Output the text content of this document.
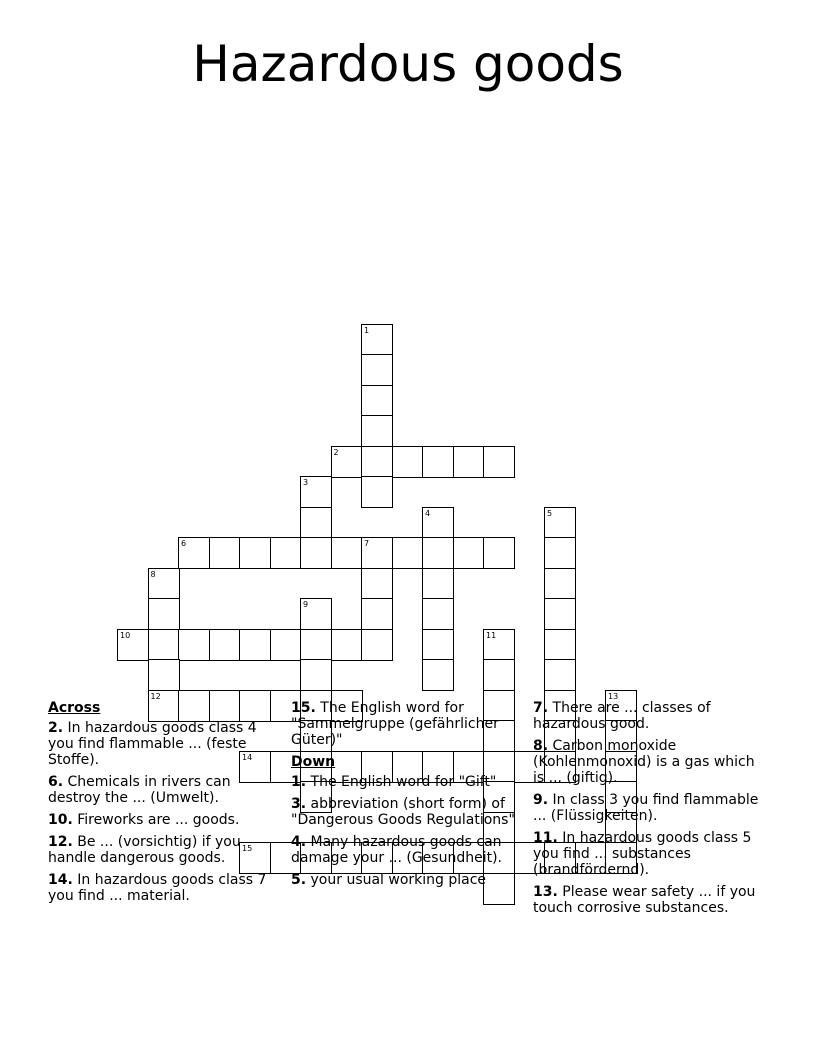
Hazardous goods
1
2
3
4	5
6	7
8
9
10	11
12	13
14
15
Across
2. In hazardous goods class 4 you find flammable ... (feste Stoffe).
6. Chemicals in rivers can destroy the ... (Umwelt).
10. Fireworks are ... goods.
12. Be ... (vorsichtig) if you handle dangerous goods.
14. In hazardous goods class 7 you find ... material.
15. The English word for "Sammelgruppe (gefährlicher Güter)"
Down
1. The English word for "Gift"
3. abbreviation (short form) of "Dangerous Goods Regulations"
4. Many hazardous goods can damage your ... (Gesundheit).
5. your usual working place
7. There are ... classes of hazardous good.
8. Carbon monoxide (Kohlenmonoxid) is a gas which is ... (giftig).
9. In class 3 you find flammable ... (Flüssigkeiten).
11. In hazardous goods class 5 you find ... substances (brandfördernd).
13. Please wear safety ... if you touch corrosive substances.
